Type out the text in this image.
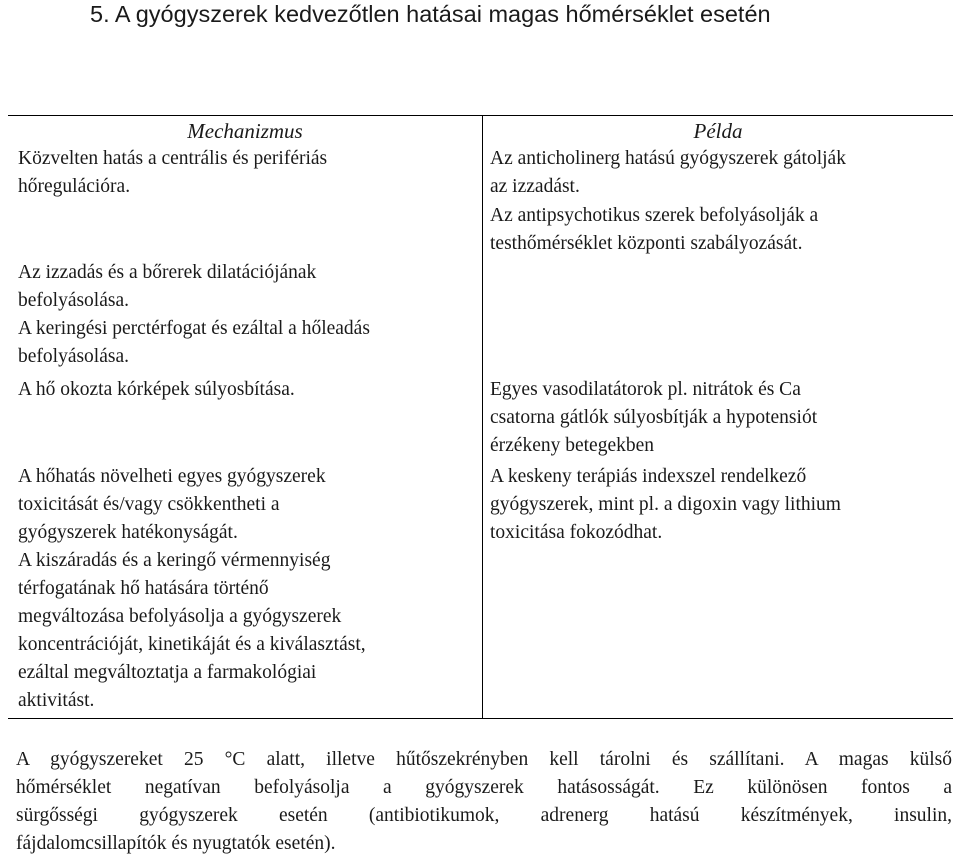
5. A gyógyszerek kedvezőtlen hatásai magas hőmérséklet esetén
Mechanizmus	Példa
Közvelten hatás a centrális és perifériás
hőregulációra.
Az izzadás és a bőrerek dilatációjának
befolyásolása.
A keringési perctérfogat és ezáltal a hőleadás
befolyásolása.
A hő okozta kórképek súlyosbítása.
A hőhatás növelheti egyes gyógyszerek
toxicitását és/vagy csökkentheti a
gyógyszerek hatékonyságát.
A kiszáradás és a keringő vérmennyiség
térfogatának hő hatására történő
megváltozása befolyásolja a gyógyszerek
koncentrációját, kinetikáját és a kiválasztást,
ezáltal megváltoztatja a farmakológiai
aktivitást.
Az anticholinerg hatású gyógyszerek gátolják
az izzadást.
Az antipsychotikus szerek befolyásolják a
testhőmérséklet központi szabályozását.
Egyes vasodilatátorok pl. nitrátok és Ca
csatorna gátlók súlyosbítják a hypotensiót
érzékeny betegekben
A keskeny terápiás indexszel rendelkező
gyógyszerek, mint pl. a digoxin vagy lithium
toxicitása fokozódhat.
A gyógyszereket 25 °C alatt, illetve hűtőszekrényben kell tárolni és szállítani. A magas külső
hőmérséklet negatívan befolyásolja a gyógyszerek hatásosságát. Ez különösen fontos a
sürgősségi gyógyszerek esetén (antibiotikumok, adrenerg hatású készítmények, insulin,
fájdalomcsillapítók és nyugtatók esetén).
